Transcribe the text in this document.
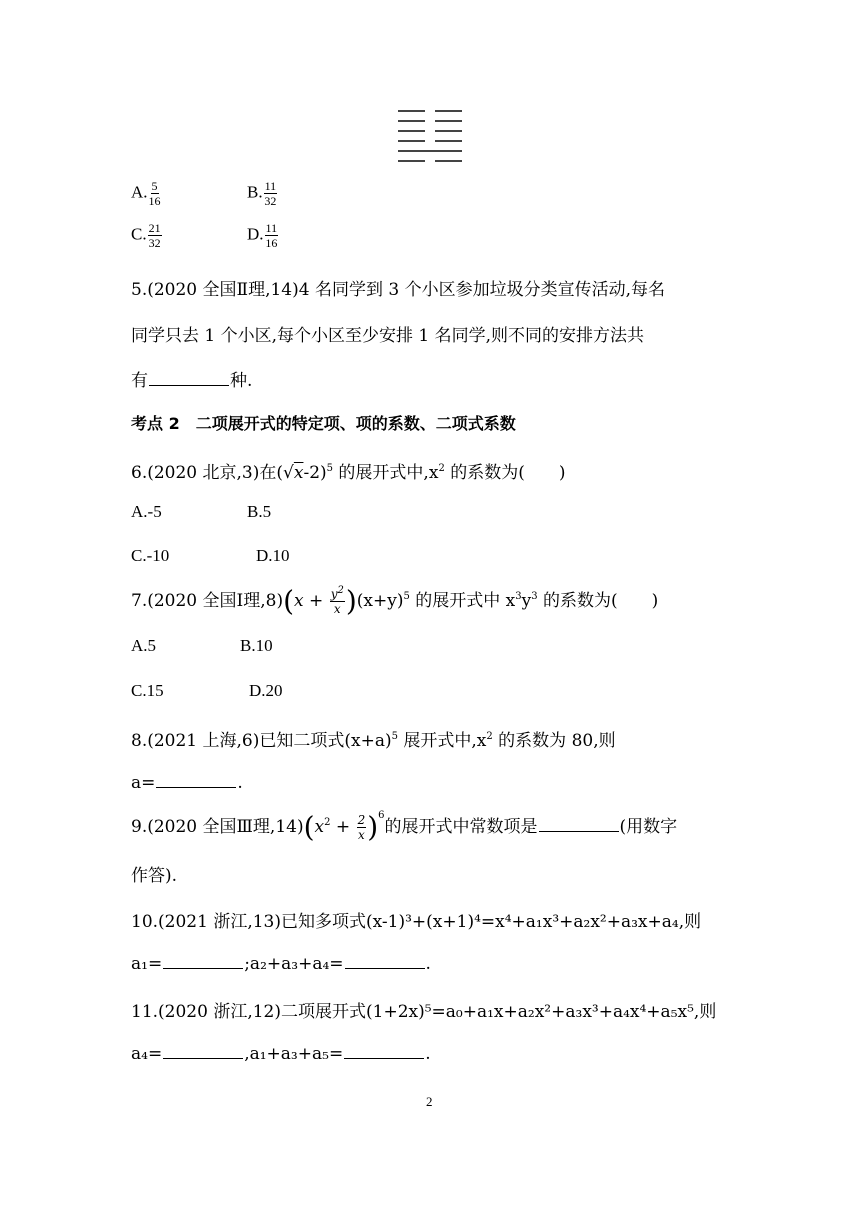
A. $\frac{5}{16}$	B. $\frac{11}{32}$
C. $\frac{21}{32}$	D. $\frac{11}{16}$
5.(2020 全国Ⅱ理,14)4 名同学到 3 个小区参加垃圾分类宣传活动,每名
同学只去 1 个小区,每个小区至少安排 1 名同学,则不同的安排方法共
有	种.
考点 2　二项展开式的特定项、项的系数、二项式系数
6.(2020 北京,3)在$(√x-2)^5$ 的展开式中$,x^2$ 的系数为(　　)
A.-5	B.5
C.-10	D.10
7.(2020 全国Ⅰ理$,8)(x + \frac{y^2}{x} )(x+y)^5$ 的展开式中 $x^3y^3$ 的系数为(　　)
A.5	B.10
C.15	D.20
8.(2021 上海,6)已知二项式$(x+a)^5$ 展开式中$,x^2$ 的系数为 80,则
a=	.
9.(2020 全国Ⅲ理$,14)(x^2 + \frac{2}{x} )^6$的展开式中常数项是	(用数字
作答).
10.(2021 浙江,13)已知多项式(x-1)³+(x+1)⁴=x⁴+a₁x³+a₂x²+a₃x+a₄,则
a₁=	;a₂+a₃+a₄=	.
11.(2020 浙江,12)二项展开式(1+2x)⁵=a₀+a₁x+a₂x²+a₃x³+a₄x⁴+a₅x⁵,则
a₄=	,a₁+a₃+a₅=	.
2
